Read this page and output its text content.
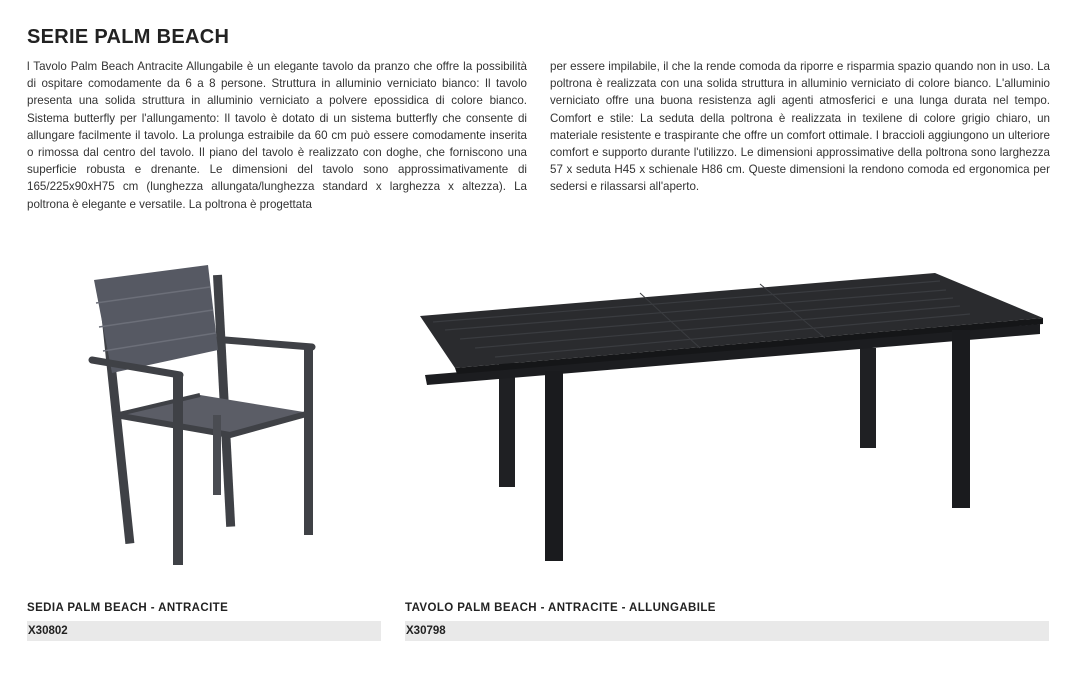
SERIE PALM BEACH

l Tavolo Palm Beach Antracite Allungabile è un elegante tavolo da pranzo che offre la possibilità di ospitare comodamente da 6 a 8 persone. Struttura in alluminio verniciato bianco: Il tavolo presenta una solida struttura in alluminio verniciato a polvere epossidica di colore bianco. Sistema butterfly per l'allungamento: Il tavolo è dotato di un sistema butterfly che consente di allungare facilmente il tavolo. La prolunga estraibile da 60 cm può essere comodamente inserita o rimossa dal centro del tavolo. Il piano del tavolo è realizzato con doghe, che forniscono una superficie robusta e drenante. Le dimensioni del tavolo sono approssimativamente di 165/225x90xH75 cm (lunghezza allungata/lunghezza standard x larghezza x altezza). La poltrona è elegante e versatile. La poltrona è progettata

per essere impilabile, il che la rende comoda da riporre e risparmia spazio quando non in uso. La poltrona è realizzata con una solida struttura in alluminio verniciato di colore bianco. L'alluminio verniciato offre una buona resistenza agli agenti atmosferici e una lunga durata nel tempo. Comfort e stile: La seduta della poltrona è realizzata in texilene di colore grigio chiaro, un materiale resistente e traspirante che offre un comfort ottimale. I braccioli aggiungono un ulteriore comfort e supporto durante l'utilizzo. Le dimensioni approssimative della poltrona sono larghezza 57 x seduta H45 x schienale H86 cm. Queste dimensioni la rendono comoda ed ergonomica per sedersi e rilassarsi all'aperto.

SEDIA PALM BEACH - ANTRACITE
X30802
TAVOLO PALM BEACH - ANTRACITE - ALLUNGABILE
X30798
